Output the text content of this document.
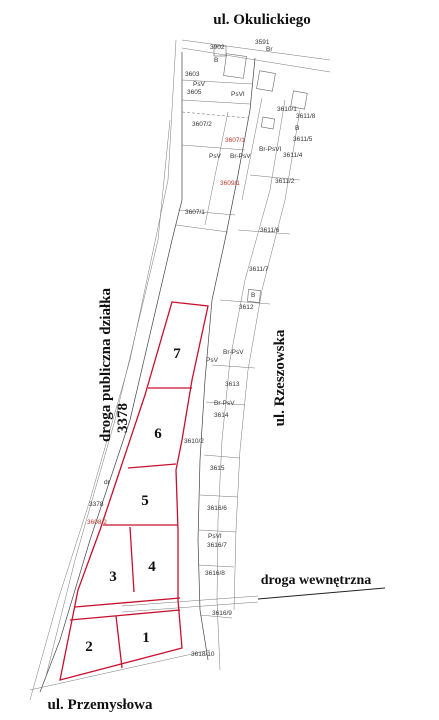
ul. Okulickiego
ul. Rzeszowska
ul. Przemysłowa
droga publiczna działka 3378
droga wewnętrzna
1
2
3
4
5
6
7
3902
3591
B
Br
3603
PsV
3605	PsVI
3607/2
3610/1
3611/8
B
3611/5
3607/1
PsV Br-PsV
Br-PsVI
3611/4
3609/1	3611/2
3607/1
3611/6
3611/7
B
3612
PsV
Br-PsV
3613
Br-PsV
3614
3610/2
3615
dr
3378
3616/6
3608/2
PsVI
3616/7
3616/8
3616/9
3618/10
